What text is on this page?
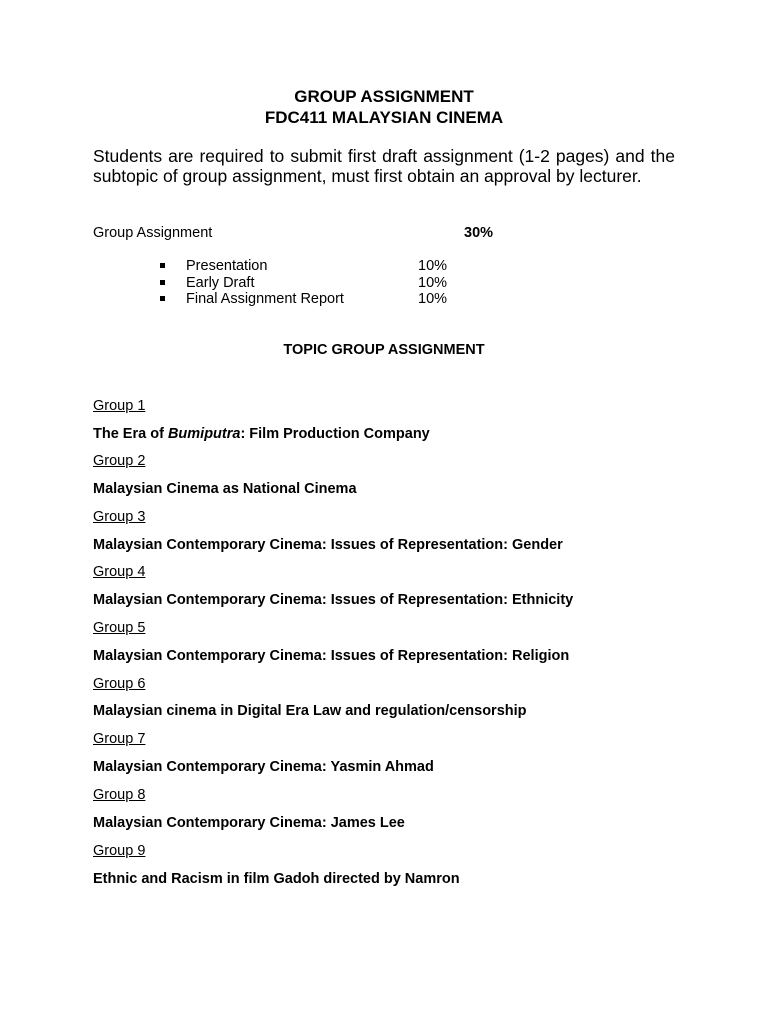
GROUP ASSIGNMENT
FDC411 MALAYSIAN CINEMA
Students are required to submit first draft assignment (1-2 pages) and the subtopic of group assignment, must first obtain an approval by lecturer.
Group Assignment	30%
Presentation	10%
Early Draft	10%
Final Assignment Report	10%
TOPIC GROUP ASSIGNMENT
Group 1
The Era of Bumiputra: Film Production Company
Group 2
Malaysian Cinema as National Cinema
Group 3
Malaysian Contemporary Cinema: Issues of Representation: Gender
Group 4
Malaysian Contemporary Cinema: Issues of Representation: Ethnicity
Group 5
Malaysian Contemporary Cinema: Issues of Representation: Religion
Group 6
Malaysian cinema in Digital Era Law and regulation/censorship
Group 7
Malaysian Contemporary Cinema: Yasmin Ahmad
Group 8
Malaysian Contemporary Cinema: James Lee
Group 9
Ethnic and Racism in film Gadoh directed by Namron
